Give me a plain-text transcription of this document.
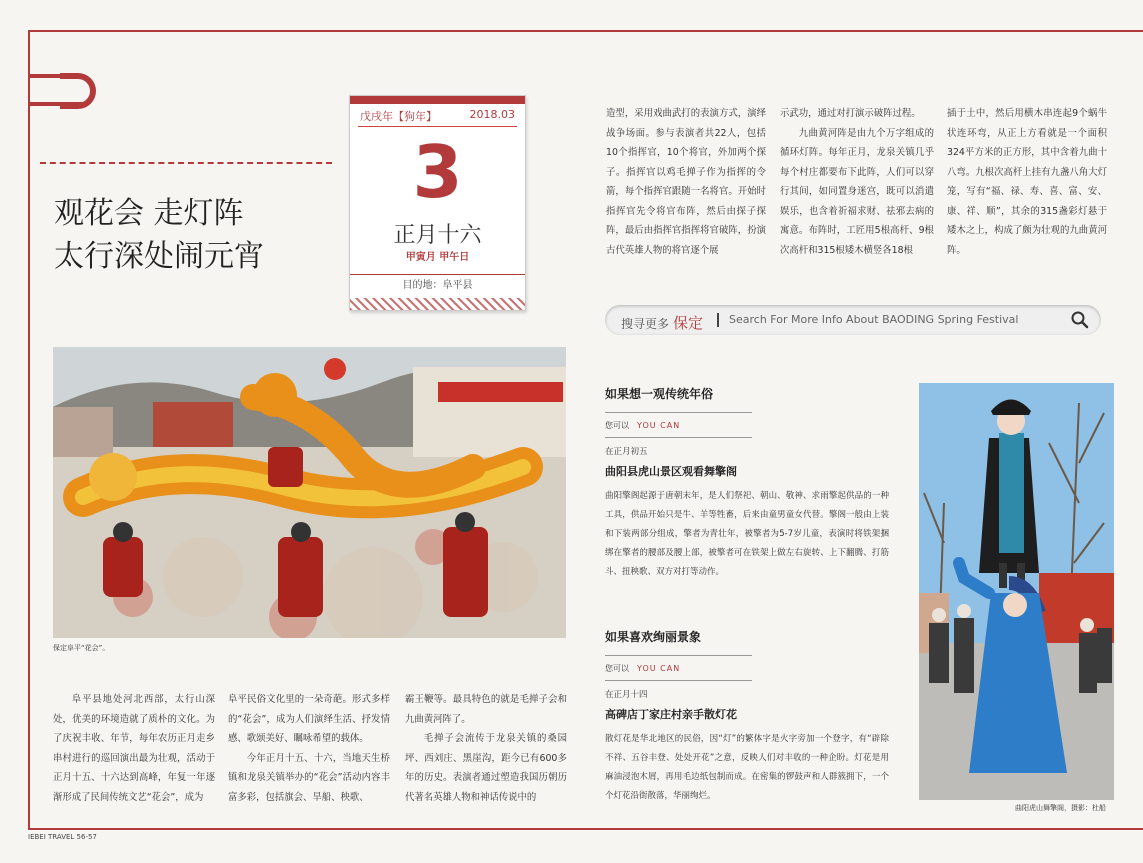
观花会 走灯阵
太行深处闹元宵
戊戌年【狗年】	2018.03
3
正月十六
甲寅月 甲午日
目的地：阜平县
保定阜平“花会”。

阜平县地处河北西部，太行山深处，优美的环境造就了质朴的文化。为了庆祝丰收、年节，每年农历正月走乡串村进行的巡回演出最为壮观，活动于正月十五、十六达到高峰，年复一年逐渐形成了民间传统文艺“花会”，成为

阜平民俗文化里的一朵奇葩。形式多样的“花会”，成为人们演绎生活、抒发情感、歌颂美好、瞩咏希望的载体。

今年正月十五、十六，当地天生桥镇和龙泉关镇举办的“花会”活动内容丰富多彩，包括旗会、旱船、秧歌、

霸王鞭等。最具特色的就是毛掸子会和九曲黄河阵了。

毛掸子会流传于龙泉关镇的桑园坪、西刘庄、黑崖沟，距今已有600多年的历史。表演者通过塑造我国历朝历代著名英雄人物和神话传说中的

造型，采用戏曲武打的表演方式，演绎战争场面。参与表演者共22人，包括10个指挥官，10个将官，外加两个探子。指挥官以鸡毛掸子作为指挥的令箭，每个指挥官跟随一名将官。开始时指挥官先令将官布阵，然后由探子探阵，最后由指挥官指挥将官破阵，扮演古代英雄人物的将官逐个展

示武功，通过对打演示破阵过程。

九曲黄河阵是由九个万字组成的循环灯阵。每年正月，龙泉关镇几乎每个村庄都要布下此阵，人们可以穿行其间，如同置身迷宫，既可以消遣娱乐，也含着祈福求财、祛邪去病的寓意。布阵时，工匠用5根高杆、9根次高杆和315根矮木横竖各18根

插于土中，然后用横木串连起9个蜗牛状连环弯，从正上方看就是一个面积324平方米的正方形，其中含着九曲十八弯。九根次高杆上挂有九盏八角大灯笼，写有“福、禄、寿、喜、富、安、康、祥、顺”，其余的315盏彩灯悬于矮木之上，构成了颇为壮观的九曲黄河阵。

搜寻更多 保定 Search For More Info About BAODING Spring Festival
如果想一观传统年俗
您可以 YOU CAN
在正月初五
曲阳县虎山景区观看舞擎阁
曲阳擎阁起源于唐朝末年，是人们祭祀、朝山、敬神、求雨擎起供品的一种工具，供品开始只是牛、羊等牲畜，后来由童男童女代替。擎阁一般由上装和下装两部分组成，擎者为青壮年，被擎者为5-7岁儿童，表演时将铁架捆绑在擎者的腰部及腰上部，被擎者可在铁架上做左右旋转、上下翻腾、打筋斗、扭秧歌、双方对打等动作。
如果喜欢绚丽景象
您可以 YOU CAN
在正月十四
高碑店丁家庄村亲手散灯花
散灯花是华北地区的民俗，因“灯”的繁体字是火字旁加一个登字，有“辟除不祥、五谷丰登、处处开花”之意，反映人们对丰收的一种企盼。灯花是用麻油浸泡木屑，再用毛边纸包制而成。在密集的锣鼓声和人群簇拥下，一个个灯花沿街散落，华丽绚烂。
曲阳虎山舞擎阁，摄影：杜船
IEBEI TRAVEL 56-57
